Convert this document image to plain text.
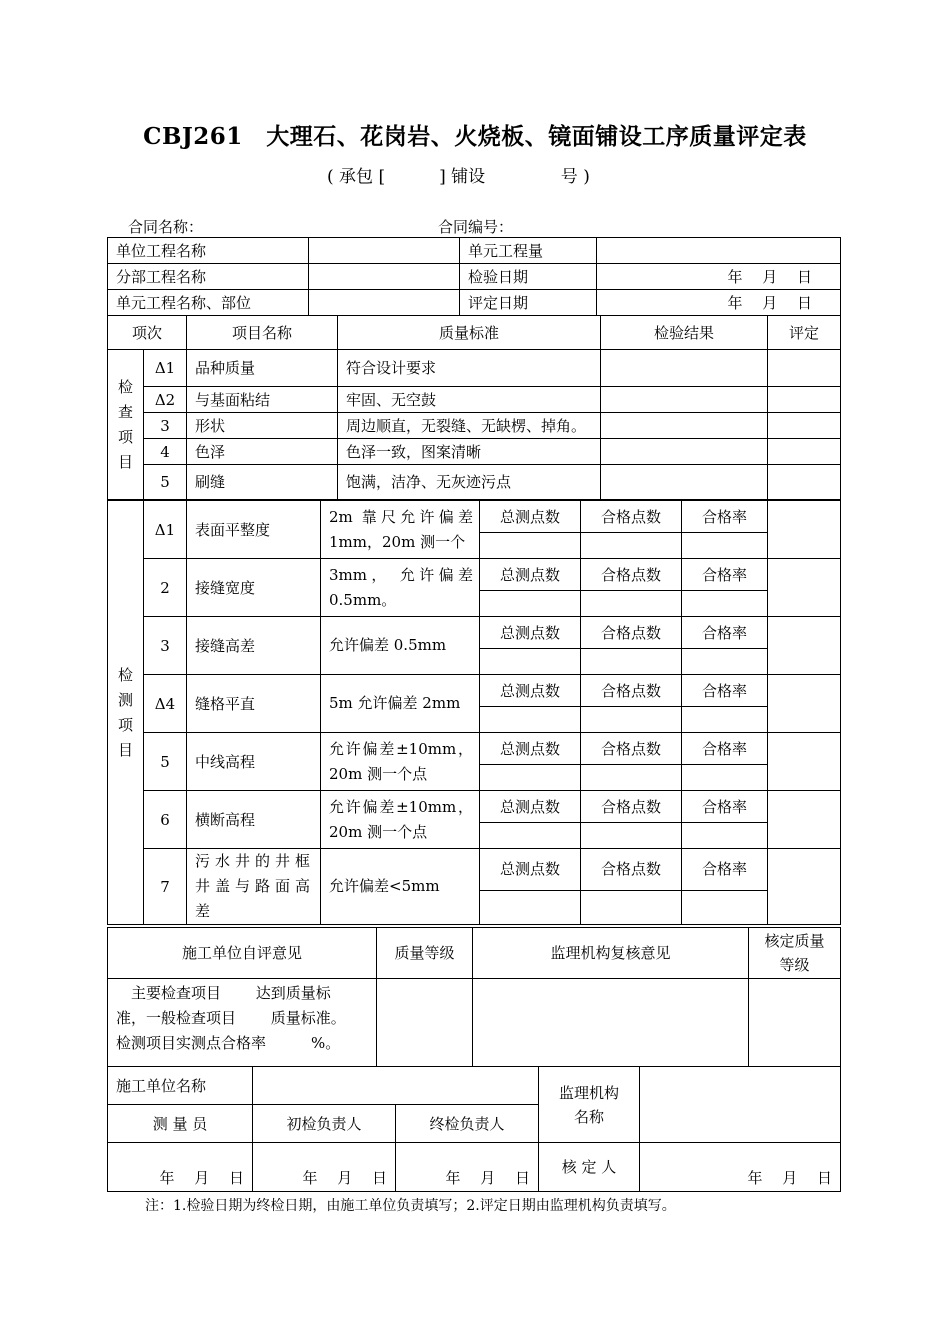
CBJ261　大理石、花岗岩、火烧板、镜面铺设工序质量评定表
( 承包 [          ] 铺设              号 )
合同名称：	合同编号：
单位工程名称		单元工程量	
分部工程名称		检验日期	年　 月　 日
单元工程名称、部位		评定日期	年　 月　 日
项次		项目名称	质量标准	检验结果	评定
检查项目	Δ1	品种质量	符合设计要求		
	Δ2	与基面粘结	牢固、无空鼓		
	3	形状	周边顺直，无裂缝、无缺楞、掉角。		
	4	色泽	色泽一致，图案清晰		
	5	刷缝	饱满，洁净、无灰迹污点		
检测项目	Δ1	表面平整度	2m 靠尺允许偏差 1mm，20m 测一个	总测点数	合格点数	合格率	

	2	接缝宽度	3mm， 允许偏差 0.5mm。	总测点数	合格点数	合格率	

	3	接缝高差	允许偏差 0.5mm	总测点数	合格点数	合格率	

	Δ4	缝格平直	5m 允许偏差 2mm	总测点数	合格点数	合格率	

	5	中线高程	允许偏差±10mm，20m 测一个点	总测点数	合格点数	合格率	

	6	横断高程	允许偏差±10mm，20m 测一个点	总测点数	合格点数	合格率	

	7	污水井的井框井盖与路面高差	允许偏差<5mm	总测点数	合格点数	合格率	

施工单位自评意见	质量等级	监理机构复核意见	核定质量等级

　主要检查项目　　 达到质量标
准，一般检查项目　　 质量标准。
检测项目实测点合格率　　　%。			

施工单位名称			监理机构名称	
测 量 员	初检负责人	终检负责人		
年　 月　 日	年　 月　 日	年　 月　 日	核 定 人	年　 月　 日
注：1.检验日期为终检日期，由施工单位负责填写；2.评定日期由监理机构负责填写。
